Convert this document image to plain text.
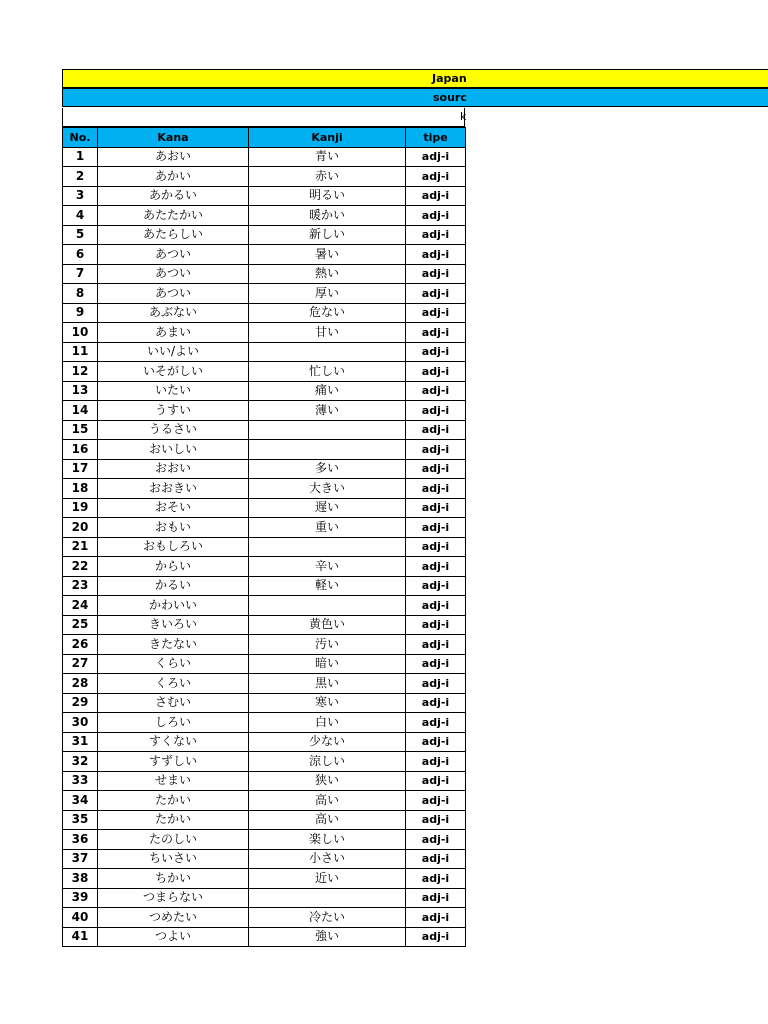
Japan
sourc
k
No.	Kana	Kanji	tipe
1	あおい	青い	adj-i
2	あかい	赤い	adj-i
3	あかるい	明るい	adj-i
4	あたたかい	暖かい	adj-i
5	あたらしい	新しい	adj-i
6	あつい	暑い	adj-i
7	あつい	熱い	adj-i
8	あつい	厚い	adj-i
9	あぶない	危ない	adj-i
10	あまい	甘い	adj-i
11	いい/よい		adj-i
12	いそがしい	忙しい	adj-i
13	いたい	痛い	adj-i
14	うすい	薄い	adj-i
15	うるさい		adj-i
16	おいしい		adj-i
17	おおい	多い	adj-i
18	おおきい	大きい	adj-i
19	おそい	遅い	adj-i
20	おもい	重い	adj-i
21	おもしろい		adj-i
22	からい	辛い	adj-i
23	かるい	軽い	adj-i
24	かわいい		adj-i
25	きいろい	黄色い	adj-i
26	きたない	汚い	adj-i
27	くらい	暗い	adj-i
28	くろい	黒い	adj-i
29	さむい	寒い	adj-i
30	しろい	白い	adj-i
31	すくない	少ない	adj-i
32	すずしい	涼しい	adj-i
33	せまい	狭い	adj-i
34	たかい	高い	adj-i
35	たかい	高い	adj-i
36	たのしい	楽しい	adj-i
37	ちいさい	小さい	adj-i
38	ちかい	近い	adj-i
39	つまらない		adj-i
40	つめたい	冷たい	adj-i
41	つよい	強い	adj-i
